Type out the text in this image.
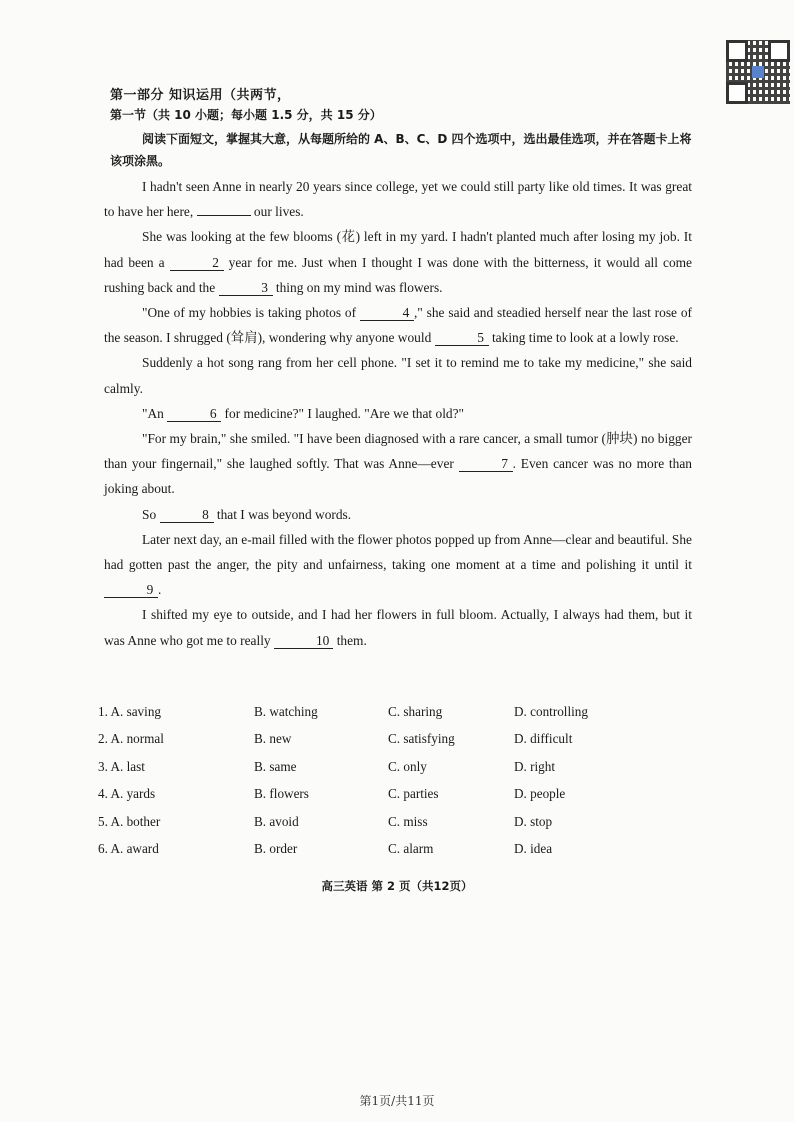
第一部分 知识运用（共两节，
第一节（共 10 小题；每小题 1.5 分，共 15 分）
阅读下面短文，掌握其大意，从每题所给的 A、B、C、D 四个选项中，选出最佳选项，并在答题卡上将该项涂黑。

I hadn't seen Anne in nearly 20 years since college, yet we could still party like old times. It was great to have her here,	our lives.

She was looking at the few blooms (花) left in my yard. I hadn't planted much after losing my job. It had been a	2 year for me. Just when I thought I was done with the bitterness, it would all come rushing back and the	3 thing on my mind was flowers.

"One of my hobbies is taking photos of	4 ," she said and steadied herself near the last rose of the season. I shrugged (耸肩), wondering why anyone would	5 taking time to look at a lowly rose.

Suddenly a hot song rang from her cell phone. "I set it to remind me to take my medicine," she said calmly.

"An	6 for medicine?" I laughed. "Are we that old?"

"For my brain," she smiled. "I have been diagnosed with a rare cancer, a small tumor (肿块) no bigger than your fingernail," she laughed softly. That was Anne—ever	7 . Even cancer was no more than joking about.

So	8 that I was beyond words.

Later next day, an e-mail filled with the flower photos popped up from Anne—clear and beautiful. She had gotten past the anger, the pity and unfairness, taking one moment at a time and polishing it until it 9 .

I shifted my eye to outside, and I had her flowers in full bloom. Actually, I always had them, but it was Anne who got me to really	10 them.

1. A. saving	B. watching	C. sharing	D. controlling
2. A. normal	B. new	C. satisfying	D. difficult
3. A. last	B. same	C. only	D. right
4. A. yards	B. flowers	C. parties	D. people
5. A. bother	B. avoid	C. miss	D. stop
6. A. award	B. order	C. alarm	D. idea
高三英语 第 2 页（共12页）
第1页/共11页
